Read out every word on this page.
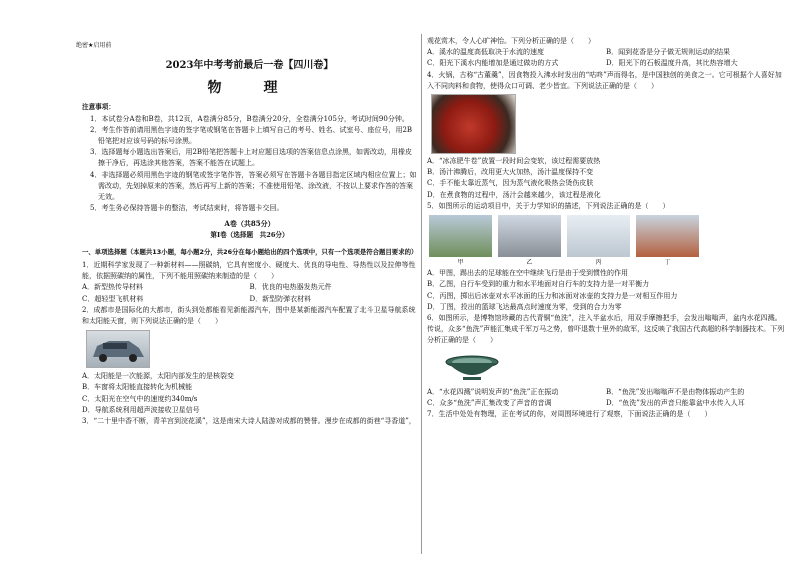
绝密★启用前
2023年中考考前最后一卷【四川卷】
物　理
注意事项：

1．本试卷分A卷和B卷，共12页，A卷满分85分，B卷满分20分，全卷满分105分，考试时间90分钟。

2．考生作答前请用黑色字迹的签字笔或钢笔在答题卡上填写自己的考号、姓名、试室号、座位号，用2B铅笔把对应该号码的标号涂黑。

3．选择题每小题选出答案后，用2B铅笔把答题卡上对应题目选项的答案信息点涂黑，如需改动，用橡皮擦干净后，再选涂其他答案，答案不能答在试题上。

4．非选择题必须用黑色字迹的钢笔或签字笔作答，答案必须写在答题卡各题目指定区域内相应位置上；如需改动，先划掉原来的答案，然后再写上新的答案；不准使用铅笔、涂改液，不按以上要求作答的答案无效。

5．考生务必保持答题卡的整洁，考试结束时，将答题卡交回。

A卷（共85分）
第Ⅰ卷（选择题　共26分）

一、单项选择题（本题共13小题，每小题2分，共26分在每小题给出的四个选项中，只有一个选项是符合题目要求的）

1．近期科学家发现了一种新材料——照碳纳，它具有密度小、硬度大、优良的导电性、导热性以及拉伸等性能，依据照碳纳的属性，下列不能用照碳纳来制造的是（　　）

A．新型热传导材料	B．优良的电热器发热元件
C．超轻型飞机材料	D．新型防弹衣材料

2．成都市是国际化的大都市，街头到处都能看见新能源汽车，图中是某新能源汽车配置了北斗卫星导航系统和太阳能天窗，则下列说法正确的是（　　）

A．太阳能是一次能源，太阳内部发生的是核裂变

B．车窗将太阳能直接转化为机械能

C．太阳光在空气中的速度约340m/s

D．导航系统利用超声波接收卫星信号

3．“二十里中香不断，青羊宫到浣花溪”，这是南宋大诗人陆游对成都的赞誉。漫步在成都的街巷“寻香道”，

观花赏木，令人心旷神怡。下列分析正确的是（　　）

A．溪水的温度高低取决于水流的速度	B．闻到花香是分子做无规则运动的结果
C．阳光下溪水内能增加是通过做功的方式	D．阳光下的石板温度升高，其比热容增大

4．火锅，古称“古董羹”，因食物投入沸水时发出的“咕咚”声而得名，是中国独创的美食之一。它可根据个人喜好加入不同肉料和食物，使得众口可调、老少皆宜。下列说法正确的是（　　）

A．“冰冻肥牛卷”放置一段时间会变软，该过程需要放热

B．汤汁沸腾后，改用更大火加热，汤汁温度保持不变

C．手不能太靠近蒸气，因为蒸气液化吸热会烫伤皮肤

D．在煮食物的过程中，汤汁会越来越少，该过程是液化

5．如图所示的运动项目中，关于力学知识的描述，下列说法正确的是（　　）

甲	乙	丙	丁

A．甲图，踢出去的足球能在空中继续飞行是由于受到惯性的作用

B．乙图，自行车受到的重力和水平地面对自行车的支持力是一对平衡力

C．丙图，掷出后冰壶对水平冰面的压力和冰面对冰壶的支持力是一对相互作用力

D．丁图，投出的篮球飞达最高点时速度为零，受到的合力为零

6．如图所示，是博物馆珍藏的古代青铜“鱼洗”，注入半盆水后，用双手摩擦把手，会发出嗡嗡声，盆内水花四溅。传说，众多“鱼洗”声能汇集成千军万马之势，曾吓退数十里外的敌军，这反映了我国古代高超的科学制器技术。下列分析正确的是（　　）

A．“水花四溅”说明发声的“鱼洗”正在振动	B．“鱼洗”发出嗡嗡声不是由物体振动产生的
C．众多“鱼洗”声汇集改变了声音的音调	D．“鱼洗”发出的声音只能靠盆中水传入人耳

7．生活中处处有物理，正在考试的你，对周围环境进行了观察，下面说法正确的是（　　）
